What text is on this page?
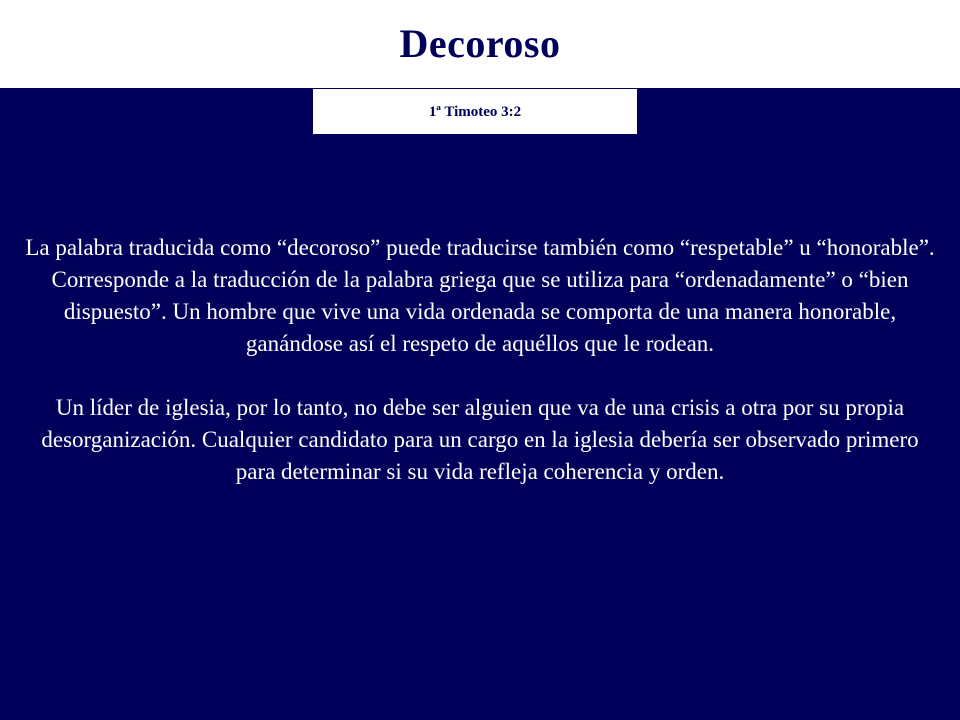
Decoroso
1ª Timoteo 3:2

La palabra traducida como “decoroso” puede traducirse también como “respetable” u “honorable”. Corresponde a la traducción de la palabra griega que se utiliza para “ordenadamente” o “bien dispuesto”. Un hombre que vive una vida ordenada se comporta de una manera honorable, ganándose así el respeto de aquéllos que le rodean.

Un líder de iglesia, por lo tanto, no debe ser alguien que va de una crisis a otra por su propia desorganización. Cualquier candidato para un cargo en la iglesia debería ser observado primero para determinar si su vida refleja coherencia y orden.
